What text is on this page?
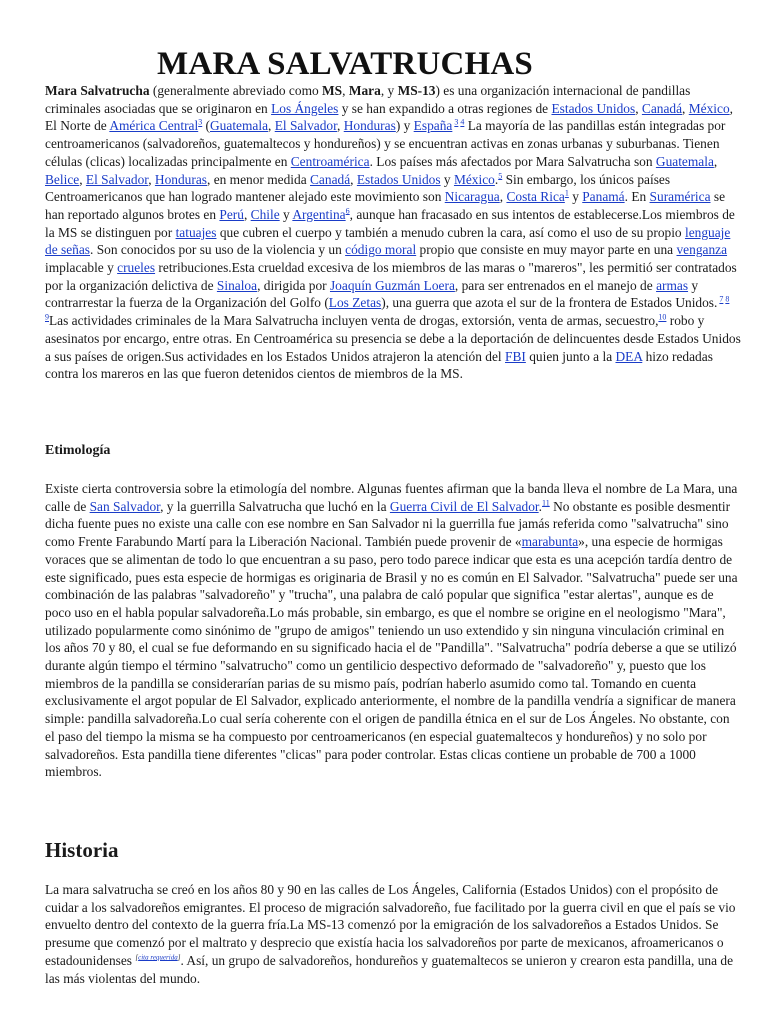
MARA SALVATRUCHAS

Mara Salvatrucha (generalmente abreviado como MS, Mara, y MS-13) es una organización internacional de pandillas criminales asociadas que se originaron en Los Ángeles y se han expandido a otras regiones de Estados Unidos, Canadá, México, El Norte de América Central$^3$ (Guatemala, El Salvador, Honduras) y España $^{3 4}$ La mayoría de las pandillas están integradas por centroamericanos (salvadoreños, guatemaltecos y hondureños) y se encuentran activas en zonas urbanas y suburbanas. Tienen células (clicas) localizadas principalmente en Centroamérica. Los países más afectados por Mara Salvatrucha son Guatemala, Belice, El Salvador, Honduras, en menor medida Canadá, Estados Unidos y México.$^5$ Sin embargo, los únicos países Centroamericanos que han logrado mantener alejado este movimiento son Nicaragua, Costa Rica$^1$ y Panamá. En Suramérica se han reportado algunos brotes en Perú, Chile y Argentina$^6$, aunque han fracasado en sus intentos de establecerse.Los miembros de la MS se distinguen por tatuajes que cubren el cuerpo y también a menudo cubren la cara, así como el uso de su propio lenguaje de señas. Son conocidos por su uso de la violencia y un código moral propio que consiste en muy mayor parte en una venganza implacable y crueles retribuciones.Esta crueldad excesiva de los miembros de las maras o "mareros", les permitió ser contratados por la organización delictiva de Sinaloa, dirigida por Joaquín Guzmán Loera, para ser entrenados en el manejo de armas y contrarrestar la fuerza de la Organización del Golfo (Los Zetas), una guerra que azota el sur de la frontera de Estados Unidos. $^{7 8 9}$Las actividades criminales de la Mara Salvatrucha incluyen venta de drogas, extorsión, venta de armas, secuestro,$^{10}$ robo y asesinatos por encargo, entre otras. En Centroamérica su presencia se debe a la deportación de delincuentes desde Estados Unidos a sus países de origen.Sus actividades en los Estados Unidos atrajeron la atención del FBI quien junto a la DEA hizo redadas contra los mareros en las que fueron detenidos cientos de miembros de la MS.

Etimología

Existe cierta controversia sobre la etimología del nombre. Algunas fuentes afirman que la banda lleva el nombre de La Mara, una calle de San Salvador, y la guerrilla Salvatrucha que luchó en la Guerra Civil de El Salvador.$^{11}$ No obstante es posible desmentir dicha fuente pues no existe una calle con ese nombre en San Salvador ni la guerrilla fue jamás referida como "salvatrucha" sino como Frente Farabundo Martí para la Liberación Nacional. También puede provenir de «marabunta», una especie de hormigas voraces que se alimentan de todo lo que encuentran a su paso, pero todo parece indicar que esta es una acepción tardía dentro de este significado, pues esta especie de hormigas es originaria de Brasil y no es común en El Salvador. "Salvatrucha" puede ser una combinación de las palabras "salvadoreño" y "trucha", una palabra de caló popular que significa "estar alertas", aunque es de poco uso en el habla popular salvadoreña.Lo más probable, sin embargo, es que el nombre se origine en el neologismo "Mara", utilizado popularmente como sinónimo de "grupo de amigos" teniendo un uso extendido y sin ninguna vinculación criminal en los años 70 y 80, el cual se fue deformando en su significado hacia el de "Pandilla". "Salvatrucha" podría deberse a que se utilizó durante algún tiempo el término "salvatrucho" como un gentilicio despectivo deformado de "salvadoreño" y, puesto que los miembros de la pandilla se considerarían parias de su mismo país, podrían haberlo asumido como tal. Tomando en cuenta exclusivamente el argot popular de El Salvador, explicado anteriormente, el nombre de la pandilla vendría a significar de manera simple: pandilla salvadoreña.Lo cual sería coherente con el origen de pandilla étnica en el sur de Los Ángeles. No obstante, con el paso del tiempo la misma se ha compuesto por centroamericanos (en especial guatemaltecos y hondureños) y no solo por salvadoreños. Esta pandilla tiene diferentes "clicas" para poder controlar. Estas clicas contiene un probable de 700 a 1000 miembros.

Historia

La mara salvatrucha se creó en los años 80 y 90 en las calles de Los Ángeles, California (Estados Unidos) con el propósito de cuidar a los salvadoreños emigrantes. El proceso de migración salvadoreño, fue facilitado por la guerra civil en que el país se vio envuelto dentro del contexto de la guerra fría.La MS-13 comenzó por la emigración de los salvadoreños a Estados Unidos. Se presume que comenzó por el maltrato y desprecio que existía hacia los salvadoreños por parte de mexicanos, afroamericanos o estadounidenses [cita requerida]. Así, un grupo de salvadoreños, hondureños y guatemaltecos se unieron y crearon esta pandilla, una de las más violentas del mundo.
